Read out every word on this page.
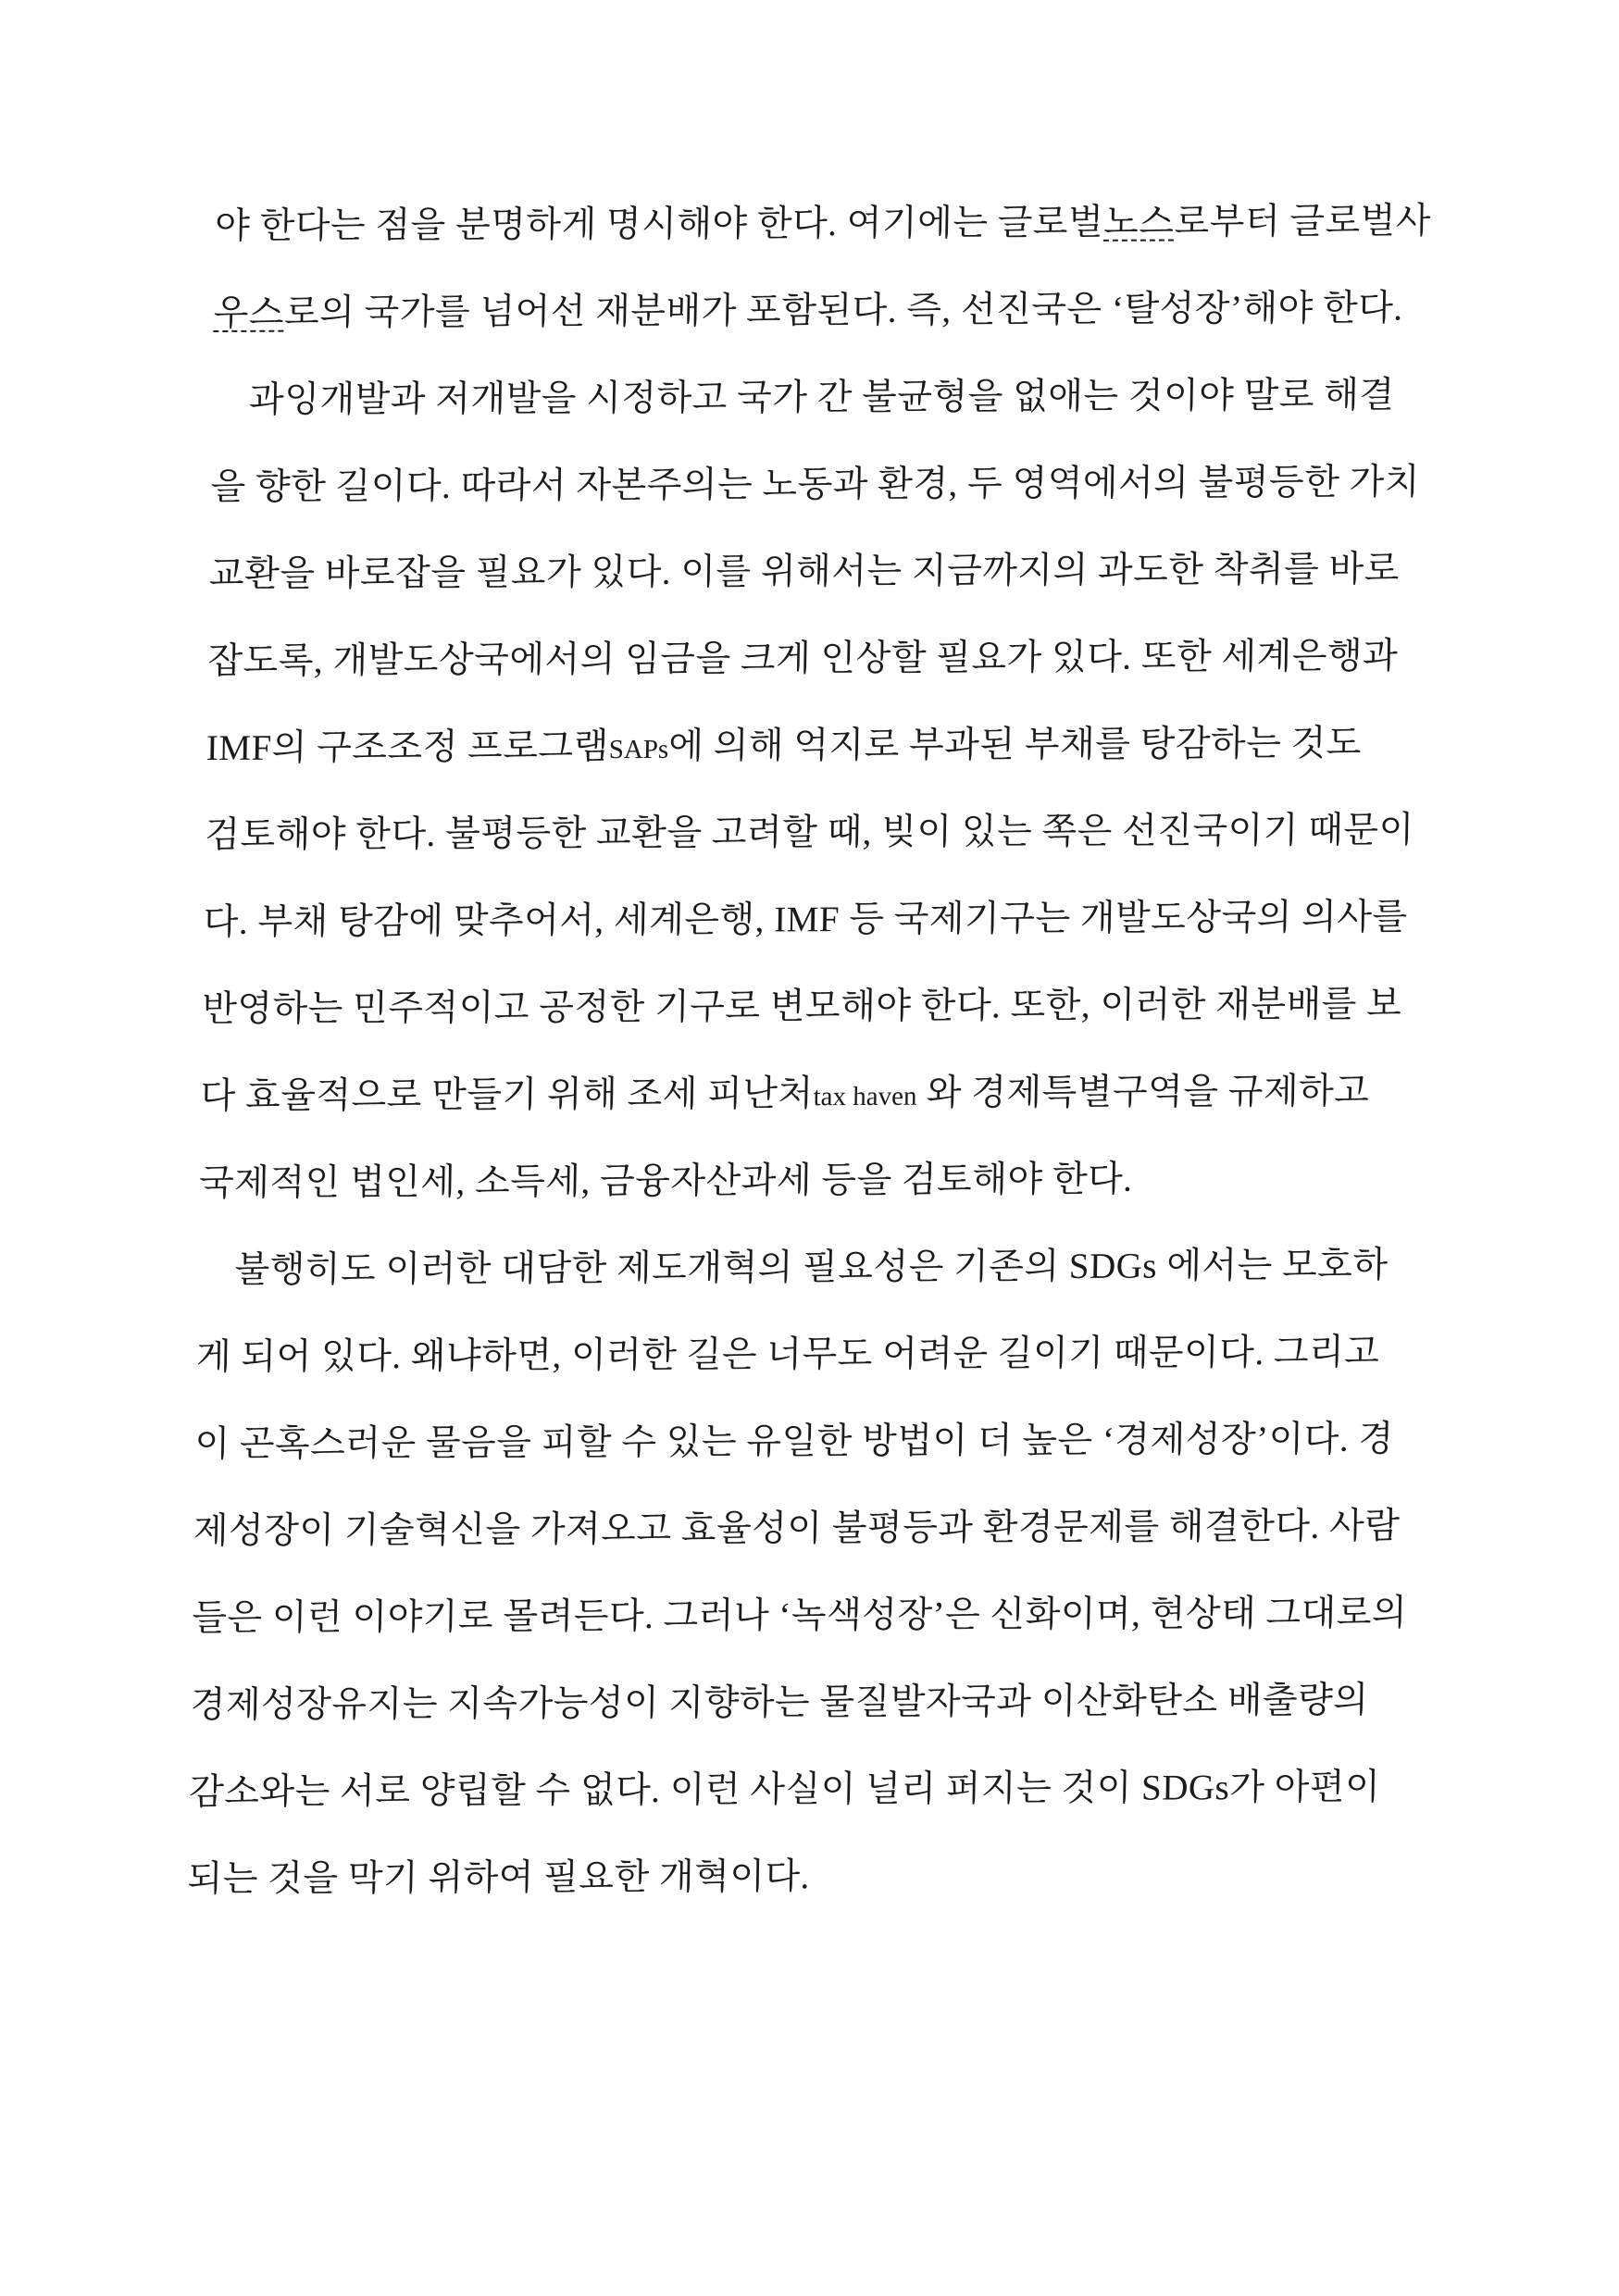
야 한다는 점을 분명하게 명시해야 한다. 여기에는 글로벌노스로부터 글로벌사
우스로의 국가를 넘어선 재분배가 포함된다. 즉, 선진국은 ‘탈성장’해야 한다.
과잉개발과 저개발을 시정하고 국가 간 불균형을 없애는 것이야 말로 해결
을 향한 길이다. 따라서 자본주의는 노동과 환경, 두 영역에서의 불평등한 가치
교환을 바로잡을 필요가 있다. 이를 위해서는 지금까지의 과도한 착취를 바로
잡도록, 개발도상국에서의 임금을 크게 인상할 필요가 있다. 또한 세계은행과
IMF의 구조조정 프로그램SAPs에 의해 억지로 부과된 부채를 탕감하는 것도
검토해야 한다. 불평등한 교환을 고려할 때, 빚이 있는 쪽은 선진국이기 때문이
다. 부채 탕감에 맞추어서, 세계은행, IMF 등 국제기구는 개발도상국의 의사를
반영하는 민주적이고 공정한 기구로 변모해야 한다. 또한, 이러한 재분배를 보
다 효율적으로 만들기 위해 조세 피난처tax haven 와 경제특별구역을 규제하고
국제적인 법인세, 소득세, 금융자산과세 등을 검토해야 한다.
불행히도 이러한 대담한 제도개혁의 필요성은 기존의 SDGs 에서는 모호하
게 되어 있다. 왜냐하면, 이러한 길은 너무도 어려운 길이기 때문이다. 그리고
이 곤혹스러운 물음을 피할 수 있는 유일한 방법이 더 높은 ‘경제성장’이다. 경
제성장이 기술혁신을 가져오고 효율성이 불평등과 환경문제를 해결한다. 사람
들은 이런 이야기로 몰려든다. 그러나 ‘녹색성장’은 신화이며, 현상태 그대로의
경제성장유지는 지속가능성이 지향하는 물질발자국과 이산화탄소 배출량의
감소와는 서로 양립할 수 없다. 이런 사실이 널리 퍼지는 것이 SDGs가 아편이
되는 것을 막기 위하여 필요한 개혁이다.
